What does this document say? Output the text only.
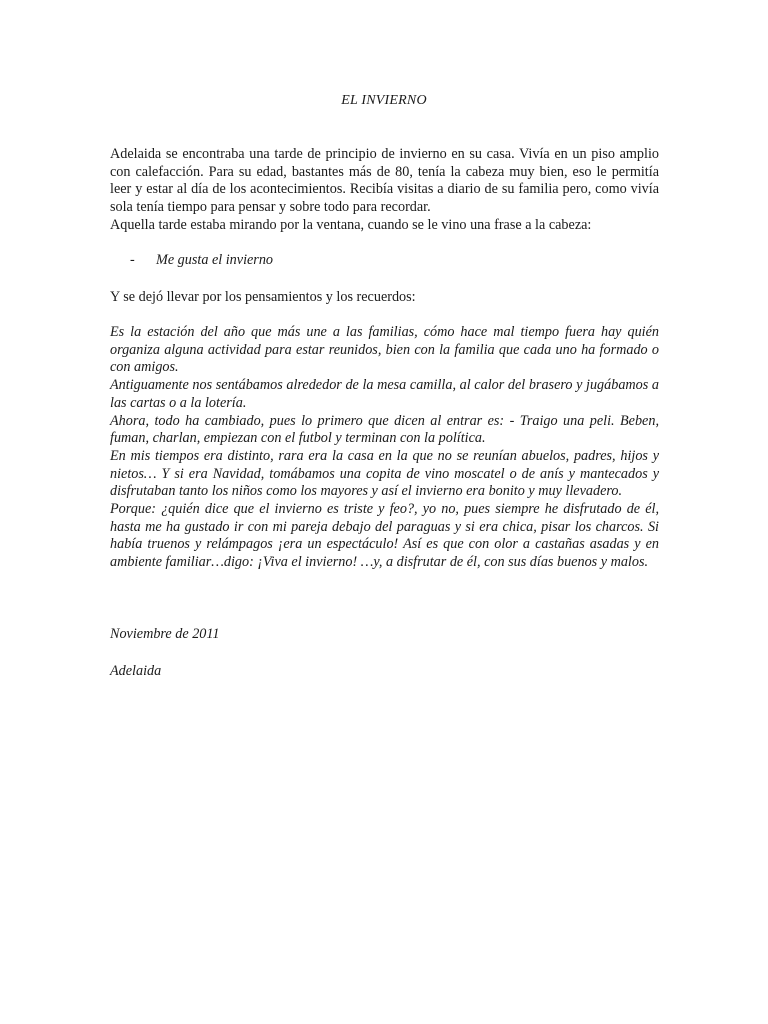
EL INVIERNO

Adelaida se encontraba una tarde de principio de invierno en su casa. Vivía en un piso amplio con calefacción. Para su edad, bastantes más de 80, tenía la cabeza muy bien, eso le permitía leer y estar al día de los acontecimientos. Recibía visitas a diario de su familia pero, como vivía sola tenía tiempo para pensar y sobre todo para recordar.

Aquella tarde estaba mirando por la ventana, cuando se le vino una frase a la cabeza:

- Me gusta el invierno
Y se dejó llevar por los pensamientos y los recuerdos:

Es la estación del año que más une a las familias, cómo hace mal tiempo fuera hay quién organiza alguna actividad para estar reunidos, bien con la familia que cada uno ha formado o con amigos.

Antiguamente nos sentábamos alrededor de la mesa camilla, al calor del brasero y jugábamos a las cartas o a la lotería.

Ahora, todo ha cambiado, pues lo primero que dicen al entrar es: - Traigo una peli. Beben, fuman, charlan, empiezan con el futbol y terminan con la política.

En mis tiempos era distinto, rara era la casa en la que no se reunían abuelos, padres, hijos y nietos… Y si era Navidad, tomábamos una copita de vino moscatel o de anís y mantecados y disfrutaban tanto los niños como los mayores y así el invierno era bonito y muy llevadero.

Porque: ¿quién dice que el invierno es triste y feo?, yo no, pues siempre he disfrutado de él, hasta me ha gustado ir con mi pareja debajo del paraguas y si era chica, pisar los charcos. Si había truenos y relámpagos ¡era un espectáculo! Así es que con olor a castañas asadas y en ambiente familiar…digo: ¡Viva el invierno! …y, a disfrutar de él, con sus días buenos y malos.

Noviembre de 2011
Adelaida
